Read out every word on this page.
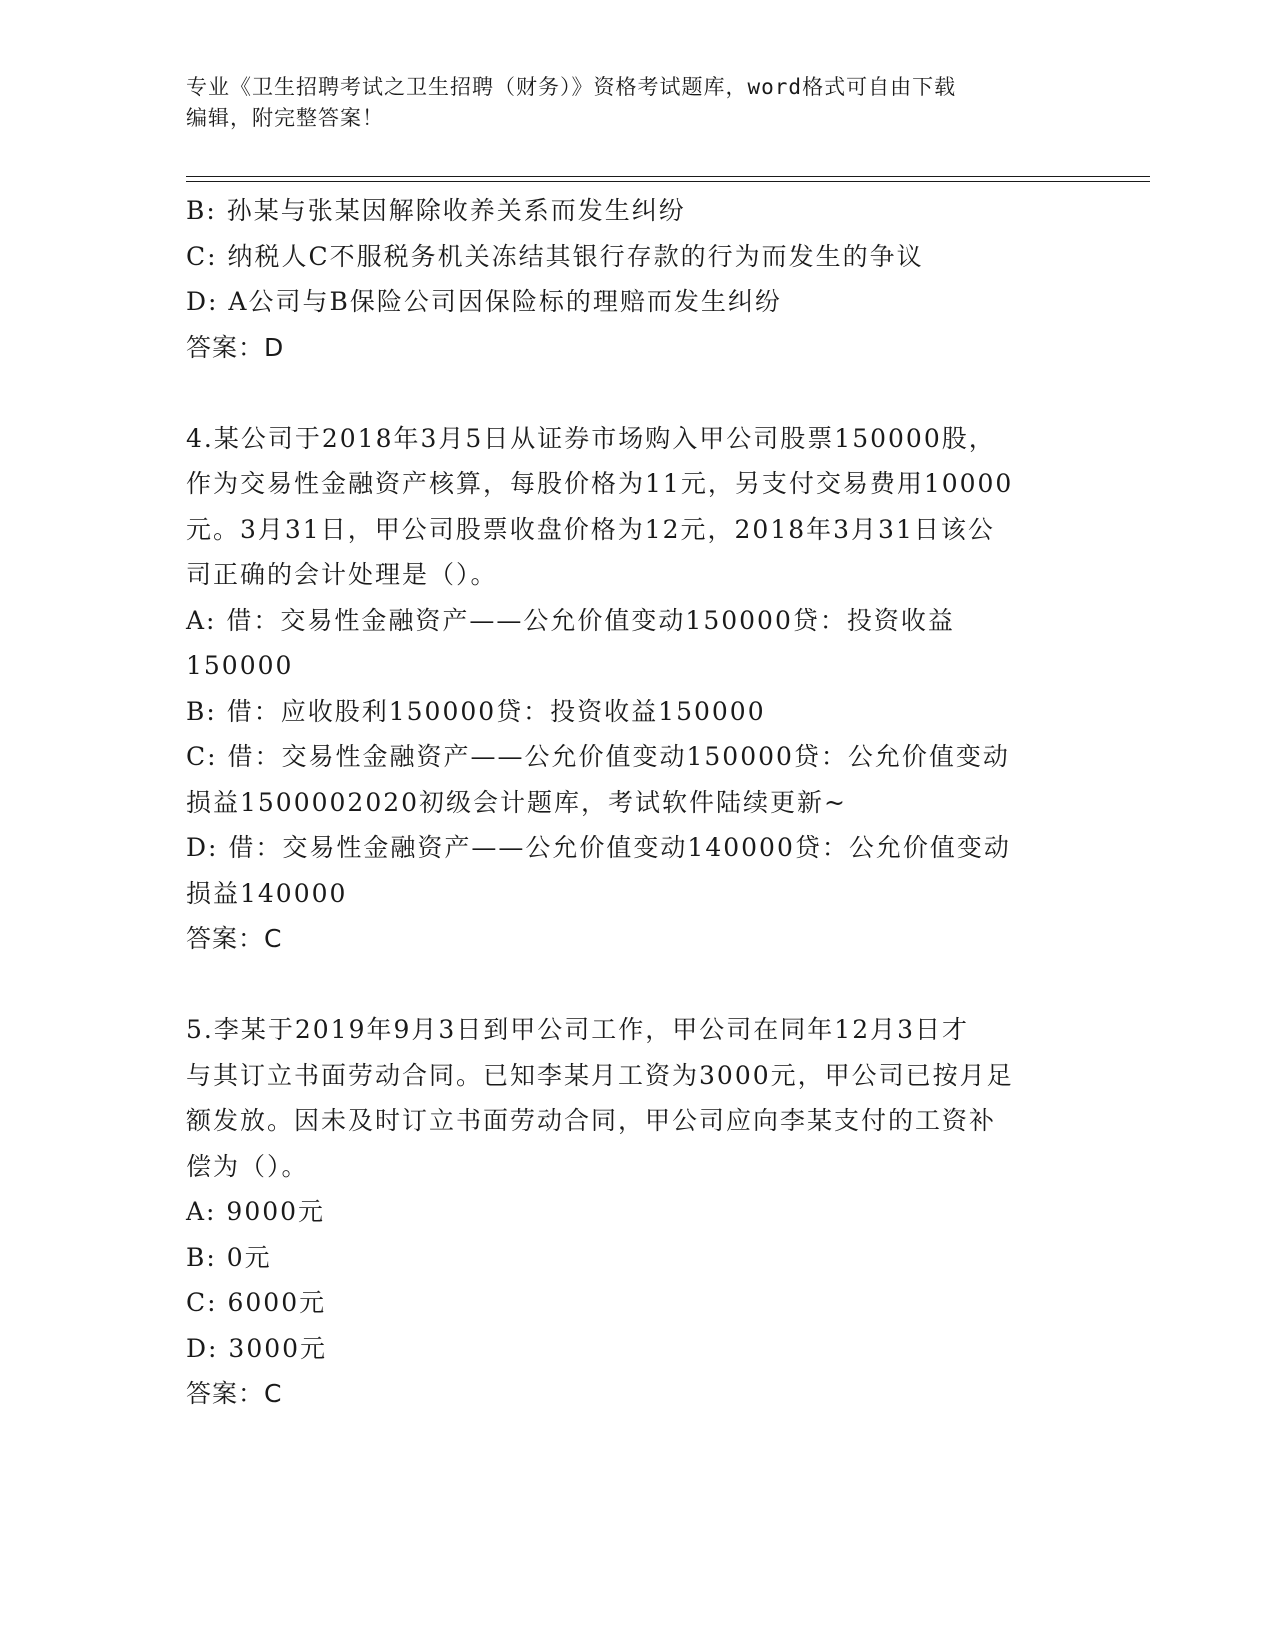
专业《卫生招聘考试之卫生招聘（财务）》资格考试题库，word格式可自由下载
编辑，附完整答案！
B: 孙某与张某因解除收养关系而发生纠纷
C: 纳税人C不服税务机关冻结其银行存款的行为而发生的争议
D: A公司与B保险公司因保险标的理赔而发生纠纷
答案：D
4.某公司于2018年3月5日从证券市场购入甲公司股票150000股，
作为交易性金融资产核算，每股价格为11元，另支付交易费用10000
元。3月31日，甲公司股票收盘价格为12元，2018年3月31日该公
司正确的会计处理是（）。
A: 借：交易性金融资产——公允价值变动150000贷：投资收益
150000
B: 借：应收股利150000贷：投资收益150000
C: 借：交易性金融资产——公允价值变动150000贷：公允价值变动
损益1500002020初级会计题库，考试软件陆续更新~
D: 借：交易性金融资产——公允价值变动140000贷：公允价值变动
损益140000
答案：C
5.李某于2019年9月3日到甲公司工作，甲公司在同年12月3日才
与其订立书面劳动合同。已知李某月工资为3000元，甲公司已按月足
额发放。因未及时订立书面劳动合同，甲公司应向李某支付的工资补
偿为（）。
A: 9000元
B: 0元
C: 6000元
D: 3000元
答案：C
